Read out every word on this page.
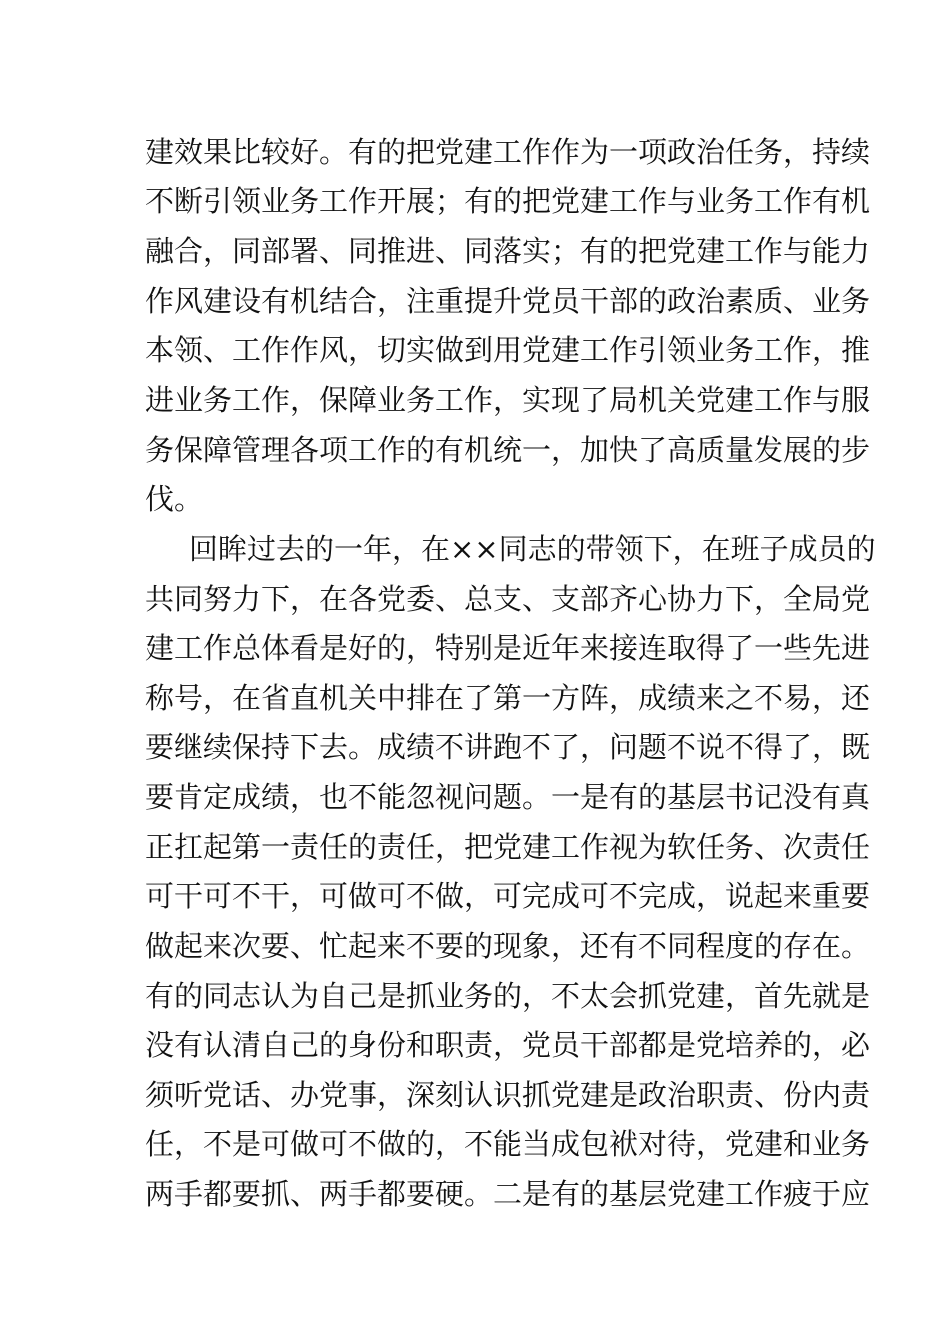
建效果比较好。有的把党建工作作为一项政治任务，持续
不断引领业务工作开展；有的把党建工作与业务工作有机
融合，同部署、同推进、同落实；有的把党建工作与能力
作风建设有机结合，注重提升党员干部的政治素质、业务
本领、工作作风，切实做到用党建工作引领业务工作，推
进业务工作，保障业务工作，实现了局机关党建工作与服
务保障管理各项工作的有机统一，加快了高质量发展的步
伐。
回眸过去的一年，在××同志的带领下，在班子成员的
共同努力下，在各党委、总支、支部齐心协力下，全局党
建工作总体看是好的，特别是近年来接连取得了一些先进
称号，在省直机关中排在了第一方阵，成绩来之不易，还
要继续保持下去。成绩不讲跑不了，问题不说不得了，既
要肯定成绩，也不能忽视问题。一是有的基层书记没有真
正扛起第一责任的责任，把党建工作视为软任务、次责任
可干可不干，可做可不做，可完成可不完成，说起来重要
做起来次要、忙起来不要的现象，还有不同程度的存在。
有的同志认为自己是抓业务的，不太会抓党建，首先就是
没有认清自己的身份和职责，党员干部都是党培养的，必
须听党话、办党事，深刻认识抓党建是政治职责、份内责
任，不是可做可不做的，不能当成包袱对待，党建和业务
两手都要抓、两手都要硬。二是有的基层党建工作疲于应
